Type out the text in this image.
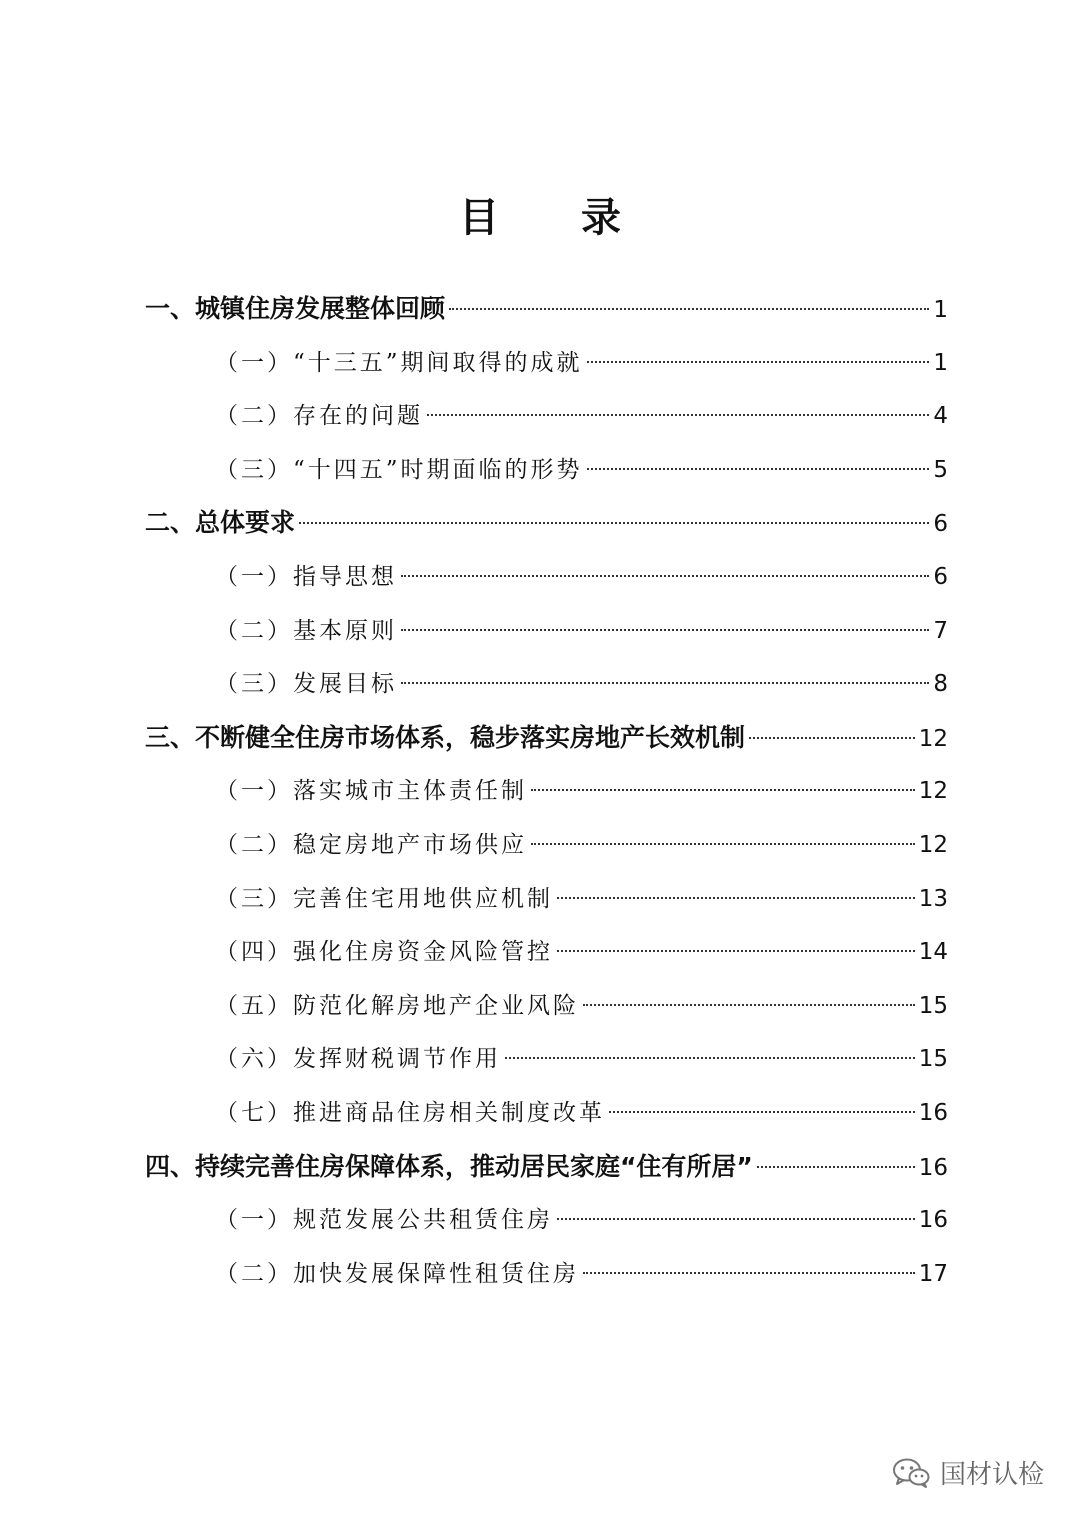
目 录
一、城镇住房发展整体回顾	1
（一）“十三五”期间取得的成就	1
（二）存在的问题	4
（三）“十四五”时期面临的形势	5
二、总体要求	6
（一）指导思想	6
（二）基本原则	7
（三）发展目标	8
三、不断健全住房市场体系，稳步落实房地产长效机制	12
（一）落实城市主体责任制	12
（二）稳定房地产市场供应	12
（三）完善住宅用地供应机制	13
（四）强化住房资金风险管控	14
（五）防范化解房地产企业风险	15
（六）发挥财税调节作用	15
（七）推进商品住房相关制度改革	16
四、持续完善住房保障体系，推动居民家庭“住有所居”	16
（一）规范发展公共租赁住房	16
（二）加快发展保障性租赁住房	17
国材认检
